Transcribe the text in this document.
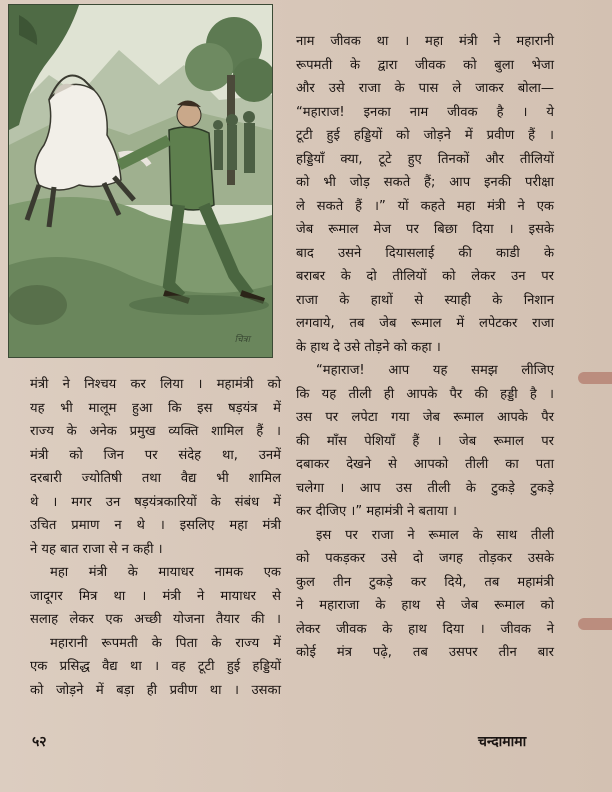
चित्रा

मंत्री ने निश्चय कर लिया । महामंत्री को

यह भी मालूम हुआ कि इस षड़यंत्र में

राज्य के अनेक प्रमुख व्यक्ति शामिल हैं ।

मंत्री को जिन पर संदेह था, उनमें

दरबारी ज्योतिषी तथा वैद्य भी शामिल

थे । मगर उन षड़यंत्रकारियों के संबंध में

उचित प्रमाण न थे । इसलिए महा मंत्री

ने यह बात राजा से न कही ।

महा मंत्री के मायाधर नामक एक

जादूगर मित्र था । मंत्री ने मायाधर से

सलाह लेकर एक अच्छी योजना तैयार की ।

महारानी रूपमती के पिता के राज्य में

एक प्रसिद्ध वैद्य था । वह टूटी हुई हड्डियों

को जोड़ने में बड़ा ही प्रवीण था । उसका

नाम जीवक था । महा मंत्री ने महारानी

रूपमती के द्वारा जीवक को बुला भेजा

और उसे राजा के पास ले जाकर बोला—

“महाराज! इनका नाम जीवक है । ये

टूटी हुई हड्डियों को जोड़ने में प्रवीण हैं ।

हड्डियाँ क्या, टूटे हुए तिनकों और तीलियों

को भी जोड़ सकते हैं; आप इनकी परीक्षा

ले सकते हैं ।” यों कहते महा मंत्री ने एक

जेब रूमाल मेज पर बिछा दिया । इसके

बाद उसने दियासलाई की काडी के

बराबर के दो तीलियों को लेकर उन पर

राजा के हाथों से स्याही के निशान

लगवाये, तब जेब रूमाल में लपेटकर राजा

के हाथ दे उसे तोड़ने को कहा ।

“महाराज! आप यह समझ लीजिए

कि यह तीली ही आपके पैर की हड्डी है ।

उस पर लपेटा गया जेब रूमाल आपके पैर

की माँस पेशियाँ हैं । जेब रूमाल पर

दबाकर देखने से आपको तीली का पता

चलेगा । आप उस तीली के टुकड़े टुकड़े

कर दीजिए ।” महामंत्री ने बताया ।

इस पर राजा ने रूमाल के साथ तीली

को पकड़कर उसे दो जगह तोड़कर उसके

कुल तीन टुकड़े कर दिये, तब महामंत्री

ने महाराजा के हाथ से जेब रूमाल को

लेकर जीवक के हाथ दिया । जीवक ने

कोई मंत्र पढ़े, तब उसपर तीन बार

५२	चन्दामामा
